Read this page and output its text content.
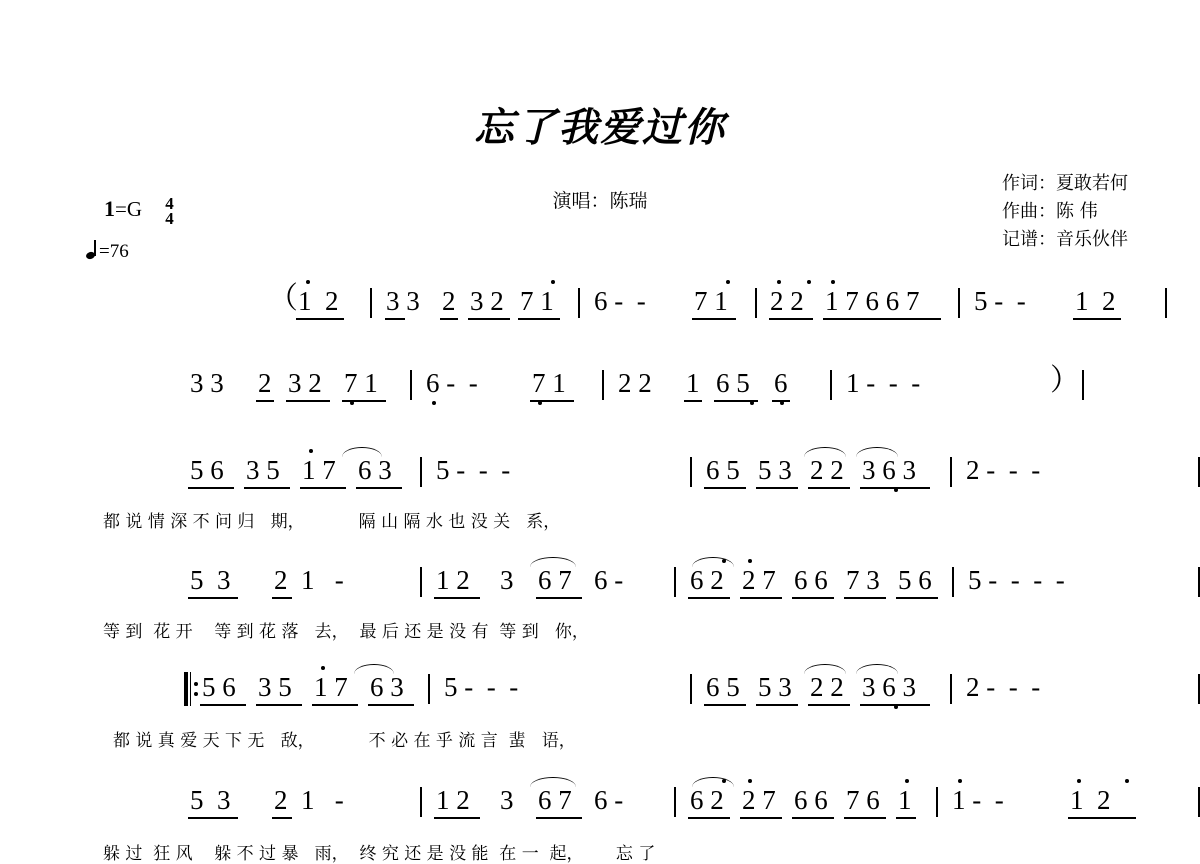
忘了我爱过你
演唱：陈瑞
作词：夏敢若何
作曲：陈 伟
记谱：音乐伙伴
1=G 4
4
=76
（ 1  2 3 3 2 3 2 7 1 6 -  - 7 1 2 2 1 7 6 6 7 5 -  - 1  2
3 3 2 3 2 7 1 6 -  - 7 1 2 2 1 6 5 6 1 -  -  -	）
5 6 3 5 1 7 6 3 5 -  -  -	6 5 5 3 2 2 3 6 3 2 -  -  -
都 说 情 深 不 问 归   期，          隔 山 隔 水 也 没 关   系，
5  3 2  1   -	1 2 3 6 7 6 - 6 2 2 7 6 6 7 3 5 6 5 -  -  -  -
等 到  花 开    等 到 花 落   去，  最 后 还 是 没 有  等 到   你，
5 6 3 5 1 7 6 3 5 -  -  -	6 5 5 3 2 2 3 6 3 2 -  -  -
都 说 真 爱 天 下 无   敌，          不 必 在 乎 流 言  蜚   语，
5  3 2  1   -	1 2 3 6 7 6 - 6 2 2 7 6 6 7 6 1 1 -  - 1  2
躲 过  狂 风    躲 不 过 暴   雨，  终 究 还 是 没 能  在 一  起，      忘 了
